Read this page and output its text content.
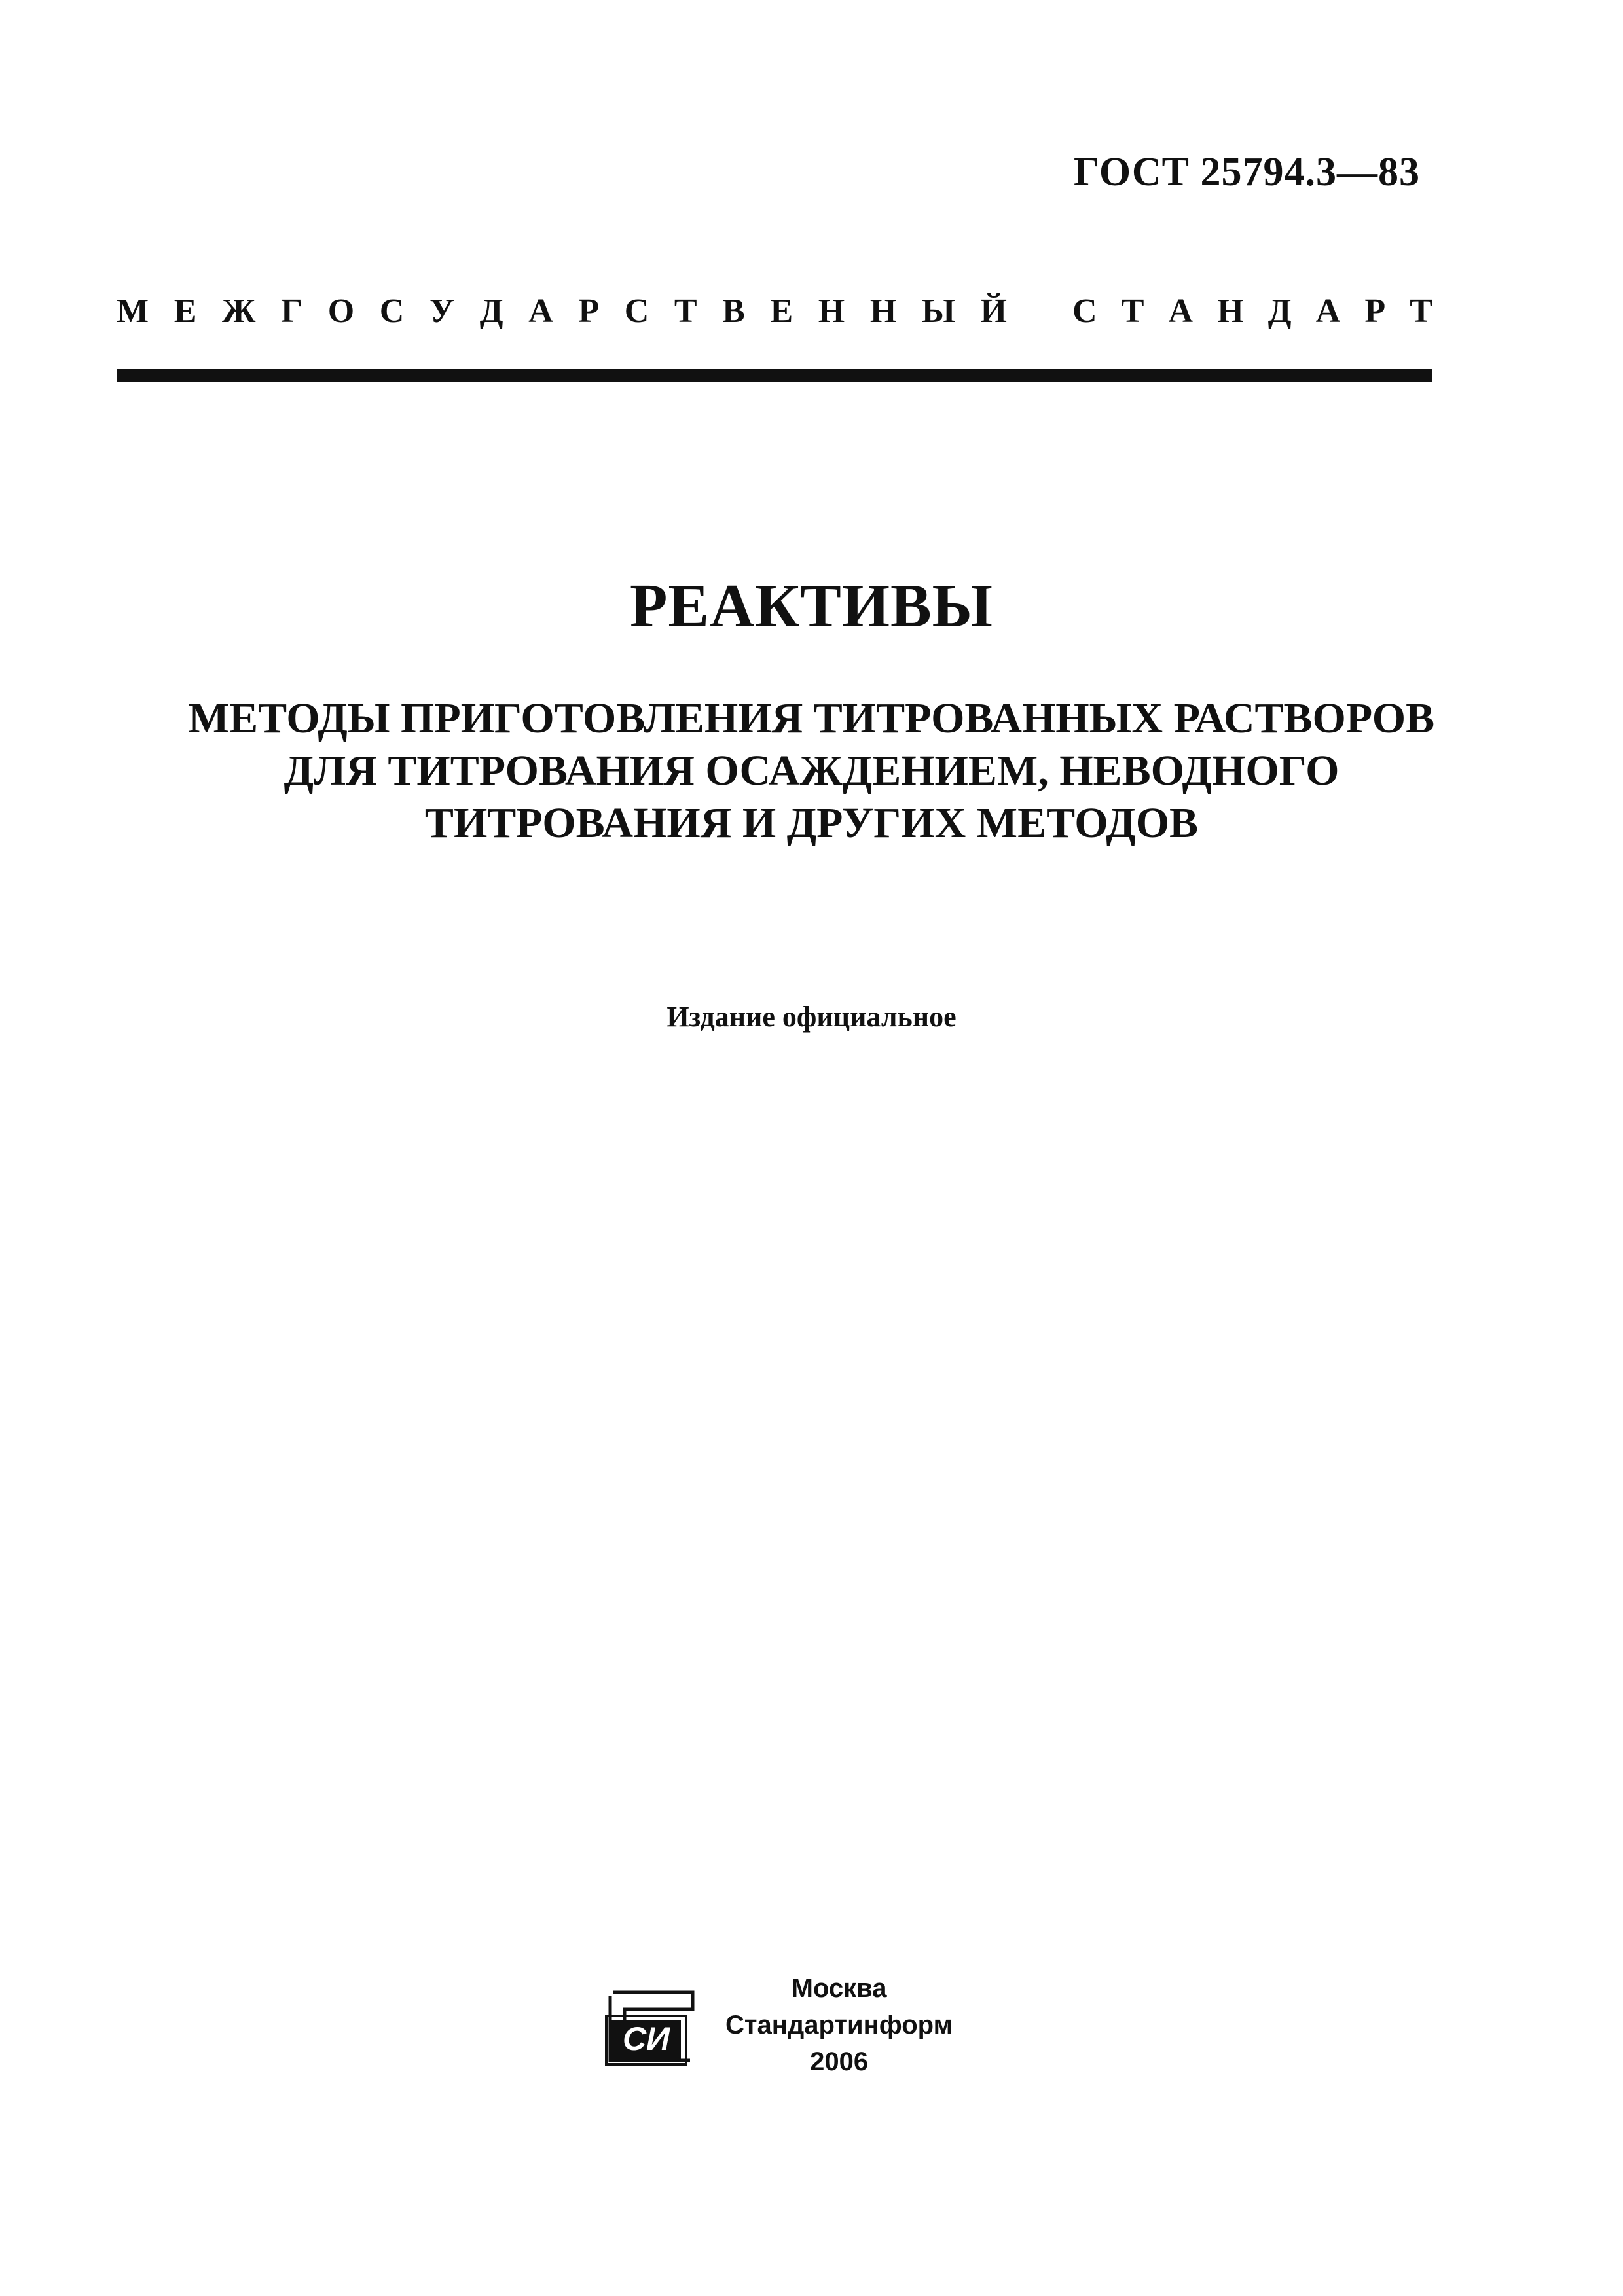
ГОСТ 25794.3—83
М Е Ж Г О С У Д А Р С Т В Е Н Н Ы Й С Т А Н Д А Р Т
РЕАКТИВЫ
МЕТОДЫ ПРИГОТОВЛЕНИЯ ТИТРОВАННЫХ РАСТВОРОВ
ДЛЯ ТИТРОВАНИЯ ОСАЖДЕНИЕМ, НЕВОДНОГО
ТИТРОВАНИЯ И ДРУГИХ МЕТОДОВ
Издание официальное
СИ
Москва
Стандартинформ
2006
